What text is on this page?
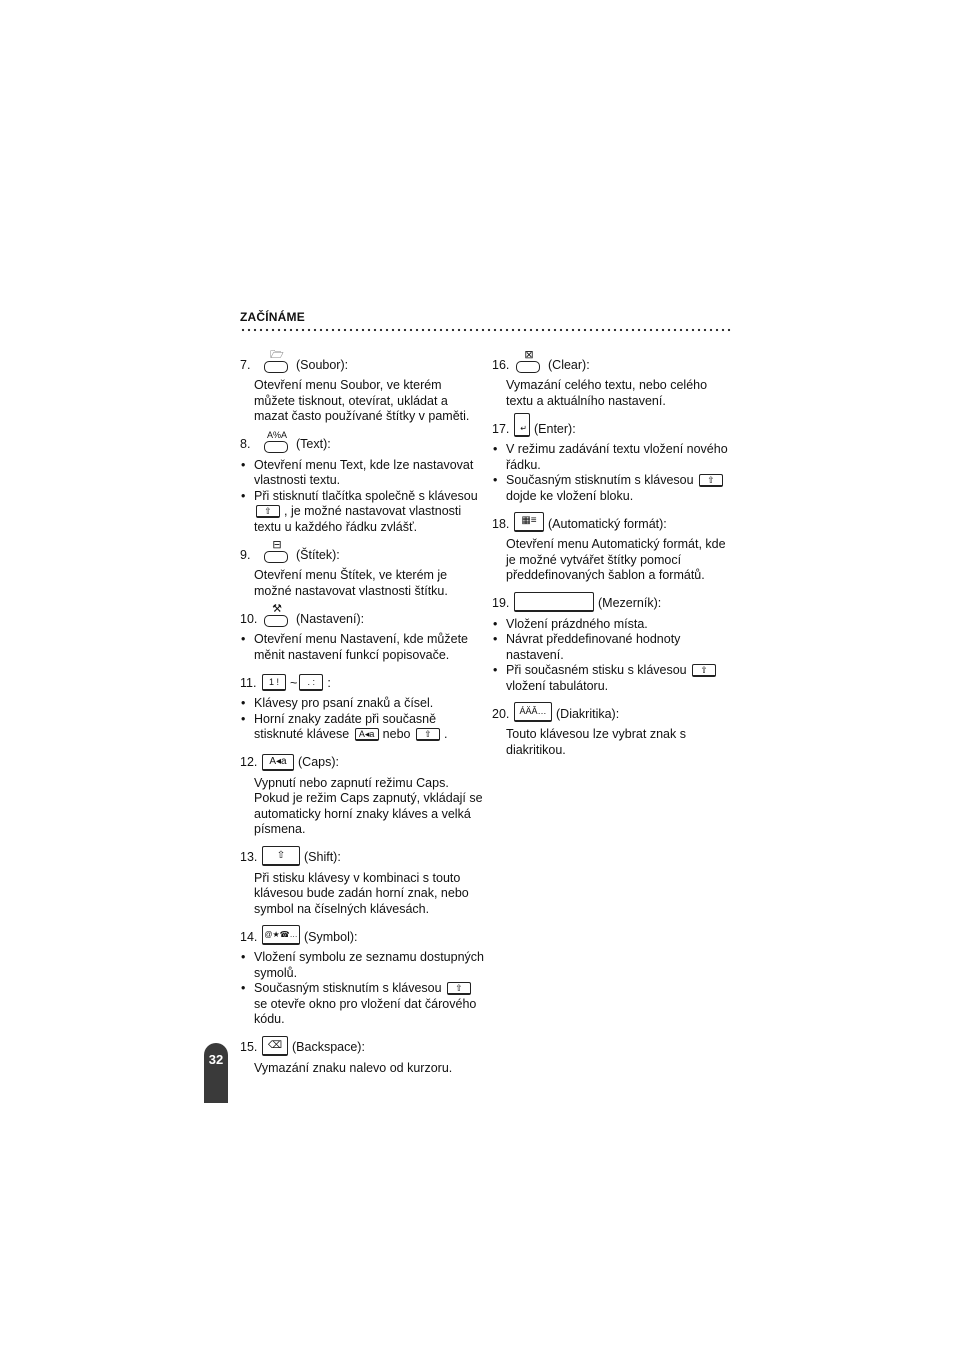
ZAČÍNÁME
7.
🗁
(Soubor):
Otevření menu Soubor, ve kterém můžete tisknout, otevírat, ukládat a mazat často používané štítky v paměti.
8.
A%A
(Text):
• Otevření menu Text, kde lze nastavovat vlastnosti textu.
• Při stisknutí tlačítka společně s klávesou ⇧ , je možné nastavovat vlastnosti textu u každého řádku zvlášť.
9.
⊟
(Štítek):
Otevření menu Štítek, ve kterém je možné nastavovat vlastnosti štítku.
10.
⚒
(Nastavení):
• Otevření menu Nastavení, kde můžete měnit nastavení funkcí popisovače.
11.	1 ! ~	. : :
• Klávesy pro psaní znaků a čísel.
• Horní znaky zadáte při současně stisknuté klávese A◂a nebo ⇧ .
12.	A◂a (Caps):
Vypnutí nebo zapnutí režimu Caps. Pokud je režim Caps zapnutý, vkládají se automaticky horní znaky kláves a velká písmena.
13.	⇧	(Shift):
Při stisku klávesy v kombinaci s touto klávesou bude zadán horní znak, nebo symbol na číselných klávesách.
14. @★☎… (Symbol):
• Vložení symbolu ze seznamu dostupných symolů.
• Současným stisknutím s klávesou ⇧ se otevře okno pro vložení dat čárového kódu.
15.	⌫ (Backspace):
Vymazání znaku nalevo od kurzoru.
16.
⊠
(Clear):
Vymazání celého textu, nebo celého textu a aktuálního nastavení.
17.	↵ (Enter):
• V režimu zadávání textu vložení nového řádku.
• Současným stisknutím s klávesou ⇧ dojde ke vložení bloku.
18.	▦≡ (Automatický formát):
Otevření menu Automatický formát, kde je možné vytvářet štítky pomocí předdefinovaných šablon a formátů.
19.	(Mezerník):
• Vložení prázdného místa.
• Návrat předdefinované hodnoty nastavení.
• Při současném stisku s klávesou ⇧ vložení tabulátoru.
20.	ÁÄÂ… (Diakritika):
Touto klávesou lze vybrat znak s diakritikou.
32
